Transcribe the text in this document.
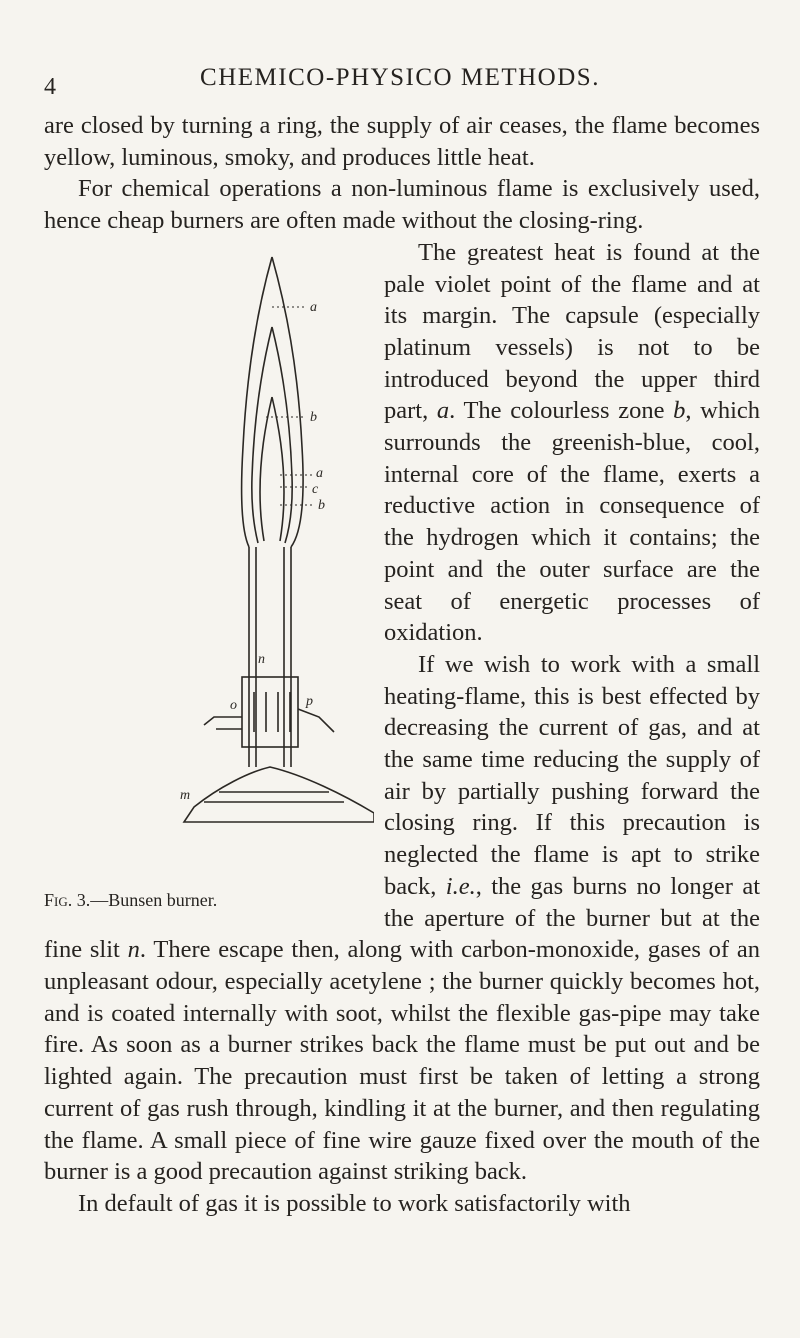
4	CHEMICO-PHYSICO METHODS.

are closed by turning a ring, the supply of air ceases, the flame becomes yellow, luminous, smoky, and produces little heat.

For chemical operations a non-luminous flame is exclusively used, hence cheap burners are often made without the closing-ring.

a
b
a
c
b
n
o	p
m
Fig. 3.—Bunsen burner.

The greatest heat is found at the pale violet point of the flame and at its margin. The capsule (especially platinum vessels) is not to be introduced beyond the upper third part, a. The colourless zone b, which surrounds the greenish-blue, cool, internal core of the flame, exerts a reductive action in consequence of the hydrogen which it contains; the point and the outer surface are the seat of energetic processes of oxidation.

If we wish to work with a small heating-flame, this is best effected by decreasing the current of gas, and at the same time reducing the supply of air by partially pushing forward the closing ring. If this precaution is neglected the flame is apt to strike back, i.e., the gas burns no longer at the aperture of the burner but at the fine slit n. There escape then, along with carbon-monoxide, gases of an unpleasant odour, especially acetylene ; the burner quickly becomes hot, and is coated internally with soot, whilst the flexible gas-pipe may take fire. As soon as a burner strikes back the flame must be put out and be lighted again. The precaution must first be taken of letting a strong current of gas rush through, kindling it at the burner, and then regulating the flame. A small piece of fine wire gauze fixed over the mouth of the burner is a good precaution against striking back.

In default of gas it is possible to work satisfactorily with
